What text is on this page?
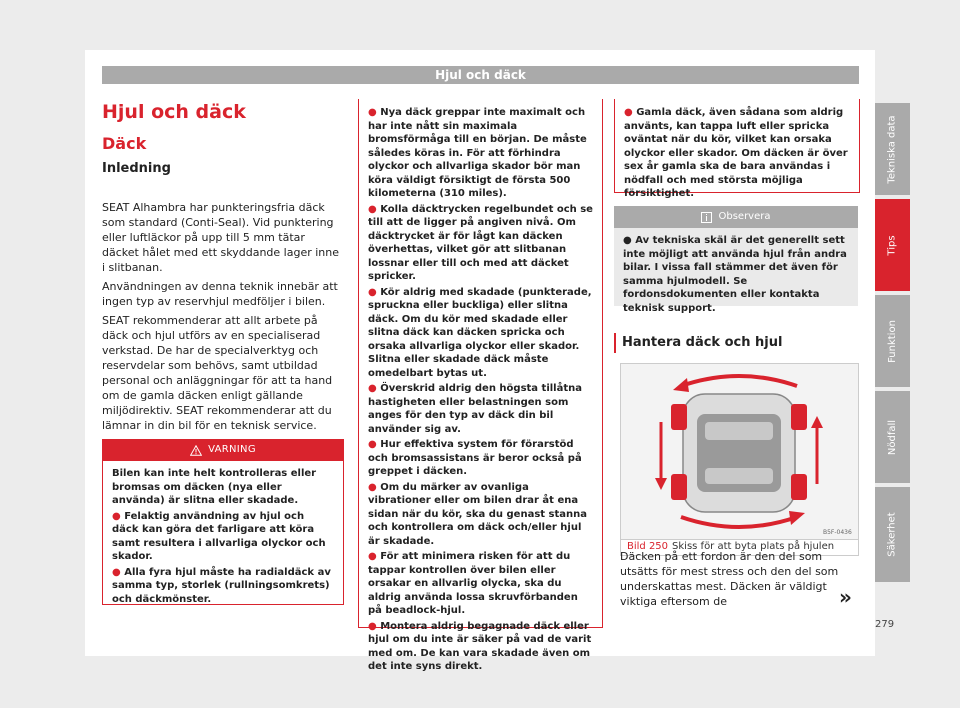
Hjul och däck
Hjul och däck
Däck
Inledning

SEAT Alhambra har punkteringsfria däck som standard (Conti-Seal). Vid punktering eller luftläckor på upp till 5 mm tätar däcket hålet med ett skyddande lager inne i slitbanan.

Användningen av denna teknik innebär att ingen typ av reservhjul medföljer i bilen.

SEAT rekommenderar att allt arbete på däck och hjul utförs av en specialiserad verkstad. De har de specialverktyg och reservdelar som behövs, samt utbildad personal och anläggningar för att ta hand om de gamla däcken enligt gällande miljödirektiv. SEAT rekommenderar att du lämnar in din bil för en teknisk service.

VARNING

Bilen kan inte helt kontrolleras eller bromsas om däcken (nya eller använda) är slitna eller skadade.

● Felaktig användning av hjul och däck kan göra det farligare att köra samt resultera i allvarliga olyckor och skador.

● Alla fyra hjul måste ha radialdäck av samma typ, storlek (rullningsomkrets) och däckmönster.

● Nya däck greppar inte maximalt och har inte nått sin maximala bromsförmåga till en början. De måste således köras in. För att förhindra olyckor och allvarliga skador bör man köra väldigt försiktigt de första 500 kilometerna (310 miles).

● Kolla däcktrycken regelbundet och se till att de ligger på angiven nivå. Om däcktrycket är för lågt kan däcken överhettas, vilket gör att slitbanan lossnar eller till och med att däcket spricker.

● Kör aldrig med skadade (punkterade, spruckna eller buckliga) eller slitna däck. Om du kör med skadade eller slitna däck kan däcken spricka och orsaka allvarliga olyckor eller skador. Slitna eller skadade däck måste omedelbart bytas ut.

● Överskrid aldrig den högsta tillåtna hastigheten eller belastningen som anges för den typ av däck din bil använder sig av.

● Hur effektiva system för förarstöd och bromsassistans är beror också på greppet i däcken.

● Om du märker av ovanliga vibrationer eller om bilen drar åt ena sidan när du kör, ska du genast stanna och kontrollera om däck och/eller hjul är skadade.

● För att minimera risken för att du tappar kontrollen över bilen eller orsakar en allvarlig olycka, ska du aldrig använda lossa skruvförbanden på beadlock-hjul.

● Montera aldrig begagnade däck eller hjul om du inte är säker på vad de varit med om. De kan vara skadade även om det inte syns direkt.

● Gamla däck, även sådana som aldrig använts, kan tappa luft eller spricka oväntat när du kör, vilket kan orsaka olyckor eller skador. Om däcken är över sex år gamla ska de bara användas i nödfall och med största möjliga försiktighet.

Observera

● Av tekniska skäl är det generellt sett inte möjligt att använda hjul från andra bilar. I vissa fall stämmer det även för samma hjulmodell. Se fordonsdokumenten eller kontakta teknisk support.

Hantera däck och hjul
B5F-0436
Bild 250 Skiss för att byta plats på hjulen
Däcken på ett fordon är den del som utsätts för mest stress och den del som underskattas mest. Däcken är väldigt viktiga eftersom de	»
279
Tekniska data
Tips
Funktion
Nödfall
Säkerhet
